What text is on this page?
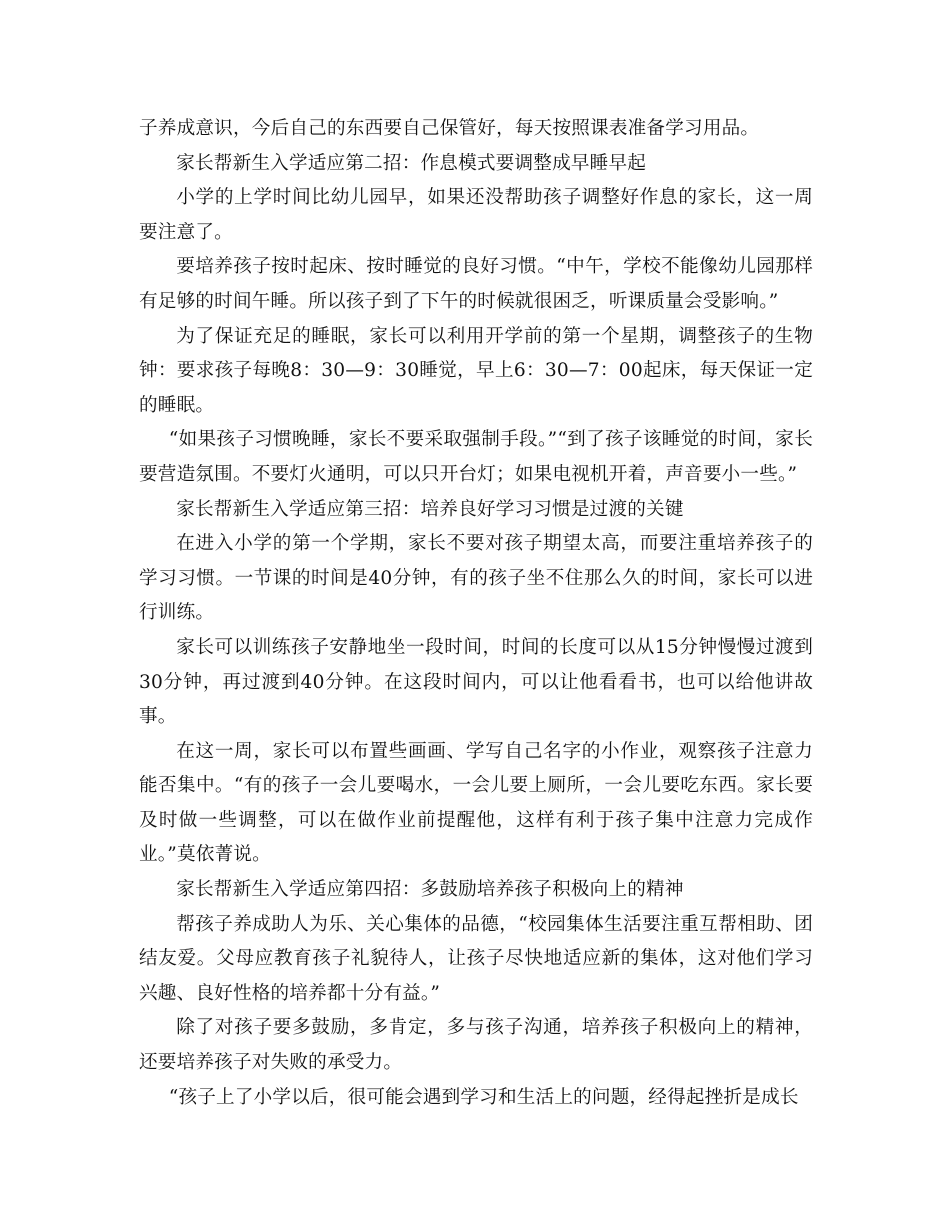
子养成意识，今后自己的东西要自己保管好，每天按照课表准备学习用品。

家长帮新生入学适应第二招：作息模式要调整成早睡早起

小学的上学时间比幼儿园早，如果还没帮助孩子调整好作息的家长，这一周要注意了。

要培养孩子按时起床、按时睡觉的良好习惯。“中午，学校不能像幼儿园那样有足够的时间午睡。所以孩子到了下午的时候就很困乏，听课质量会受影响。”

为了保证充足的睡眠，家长可以利用开学前的第一个星期，调整孩子的生物钟：要求孩子每晚8：30—9：30睡觉，早上6：30—7：00起床，每天保证一定的睡眠。

“如果孩子习惯晚睡，家长不要采取强制手段。”“到了孩子该睡觉的时间，家长要营造氛围。不要灯火通明，可以只开台灯；如果电视机开着，声音要小一些。”

家长帮新生入学适应第三招：培养良好学习习惯是过渡的关键

在进入小学的第一个学期，家长不要对孩子期望太高，而要注重培养孩子的学习习惯。一节课的时间是40分钟，有的孩子坐不住那么久的时间，家长可以进行训练。

家长可以训练孩子安静地坐一段时间，时间的长度可以从15分钟慢慢过渡到30分钟，再过渡到40分钟。在这段时间内，可以让他看看书，也可以给他讲故事。

在这一周，家长可以布置些画画、学写自己名字的小作业，观察孩子注意力能否集中。“有的孩子一会儿要喝水，一会儿要上厕所，一会儿要吃东西。家长要及时做一些调整，可以在做作业前提醒他，这样有利于孩子集中注意力完成作业。”莫依菁说。

家长帮新生入学适应第四招：多鼓励培养孩子积极向上的精神

帮孩子养成助人为乐、关心集体的品德，“校园集体生活要注重互帮相助、团结友爱。父母应教育孩子礼貌待人，让孩子尽快地适应新的集体，这对他们学习兴趣、良好性格的培养都十分有益。”

除了对孩子要多鼓励，多肯定，多与孩子沟通，培养孩子积极向上的精神，还要培养孩子对失败的承受力。

“孩子上了小学以后，很可能会遇到学习和生活上的问题，经得起挫折是成长
